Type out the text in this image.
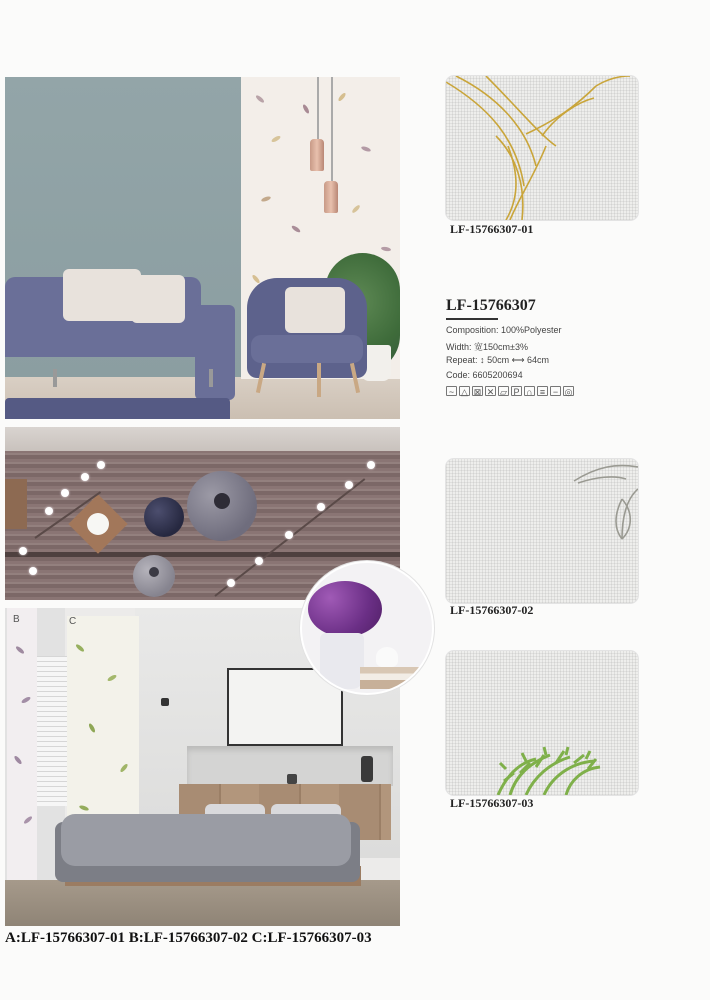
B	C
LF-15766307-01
LF-15766307
Composition: 100%Polyester
Width: 宽150cm±3%
Repeat: ↕ 50cm ⟷ 64cm
Code: 6605200694
~ △ ⊠ ✕ ▱ P ∩ ≡ − ◎
LF-15766307-02
LF-15766307-03
A:LF-15766307-01 B:LF-15766307-02 C:LF-15766307-03
